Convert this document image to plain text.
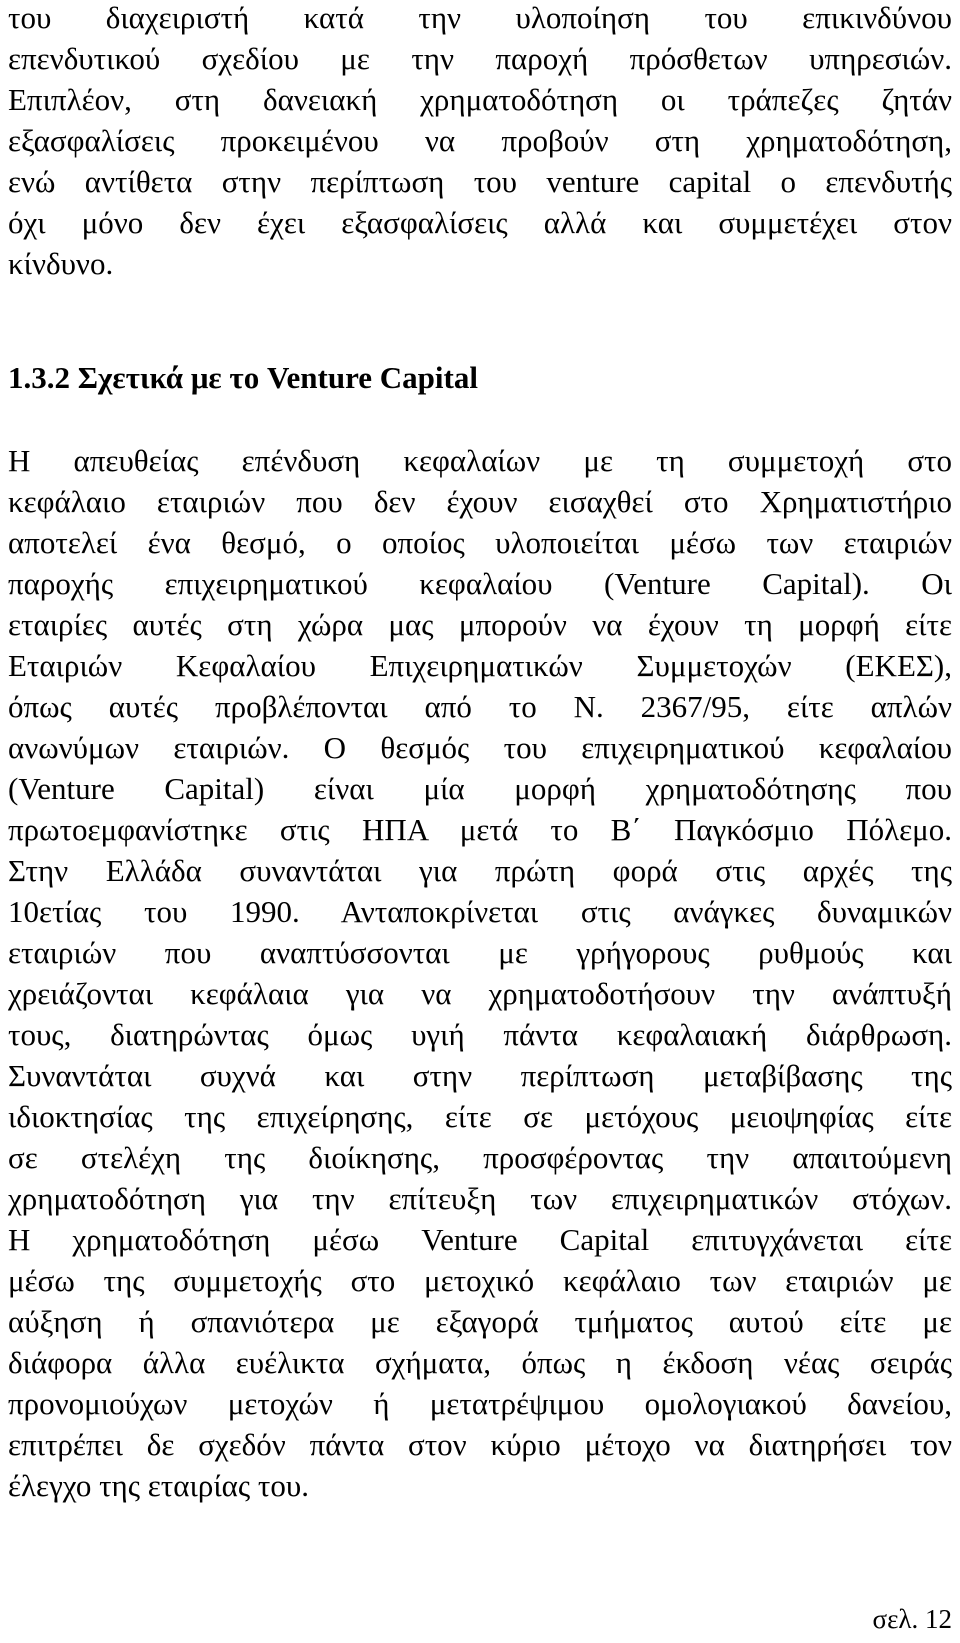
του διαχειριστή κατά την υλοποίηση του επικινδύνου

επενδυτικού σχεδίου με την παροχή πρόσθετων υπηρεσιών.

Επιπλέον, στη δανειακή χρηματοδότηση οι τράπεζες ζητάν

εξασφαλίσεις προκειμένου να προβούν στη χρηματοδότηση,

ενώ αντίθετα στην περίπτωση του venture capital ο επενδυτής

όχι μόνο δεν έχει εξασφαλίσεις αλλά και συμμετέχει στον

κίνδυνο.

1.3.2 Σχετικά με το Venture Capital

Η απευθείας επένδυση κεφαλαίων με τη συμμετοχή στο

κεφάλαιο εταιριών που δεν έχουν εισαχθεί στο Χρηματιστήριο

αποτελεί ένα θεσμό, ο οποίος υλοποιείται μέσω των εταιριών

παροχής επιχειρηματικού κεφαλαίου (Venture Capital). Οι

εταιρίες αυτές στη χώρα μας μπορούν να έχουν τη μορφή είτε

Εταιριών Κεφαλαίου Επιχειρηματικών Συμμετοχών (ΕΚΕΣ),

όπως αυτές προβλέπονται από το Ν. 2367/95, είτε απλών

ανωνύμων εταιριών. Ο θεσμός του επιχειρηματικού κεφαλαίου

(Venture Capital) είναι μία μορφή χρηματοδότησης που

πρωτοεμφανίστηκε στις ΗΠΑ μετά το Β΄ Παγκόσμιο Πόλεμο.

Στην Ελλάδα συναντάται για πρώτη φορά στις αρχές της

10ετίας του 1990. Ανταποκρίνεται στις ανάγκες δυναμικών

εταιριών που αναπτύσσονται με γρήγορους ρυθμούς και

χρειάζονται κεφάλαια για να χρηματοδοτήσουν την ανάπτυξή

τους, διατηρώντας όμως υγιή πάντα κεφαλαιακή διάρθρωση.

Συναντάται συχνά και στην περίπτωση μεταβίβασης της

ιδιοκτησίας της επιχείρησης, είτε σε μετόχους μειοψηφίας είτε

σε στελέχη της διοίκησης, προσφέροντας την απαιτούμενη

χρηματοδότηση για την επίτευξη των επιχειρηματικών στόχων.

Η χρηματοδότηση μέσω Venture Capital επιτυγχάνεται είτε

μέσω της συμμετοχής στο μετοχικό κεφάλαιο των εταιριών με

αύξηση ή σπανιότερα με εξαγορά τμήματος αυτού είτε με

διάφορα άλλα ευέλικτα σχήματα, όπως η έκδοση νέας σειράς

προνομιούχων μετοχών ή μετατρέψιμου ομολογιακού δανείου,

επιτρέπει δε σχεδόν πάντα στον κύριο μέτοχο να διατηρήσει τον

έλεγχο της εταιρίας του.

σελ. 12
